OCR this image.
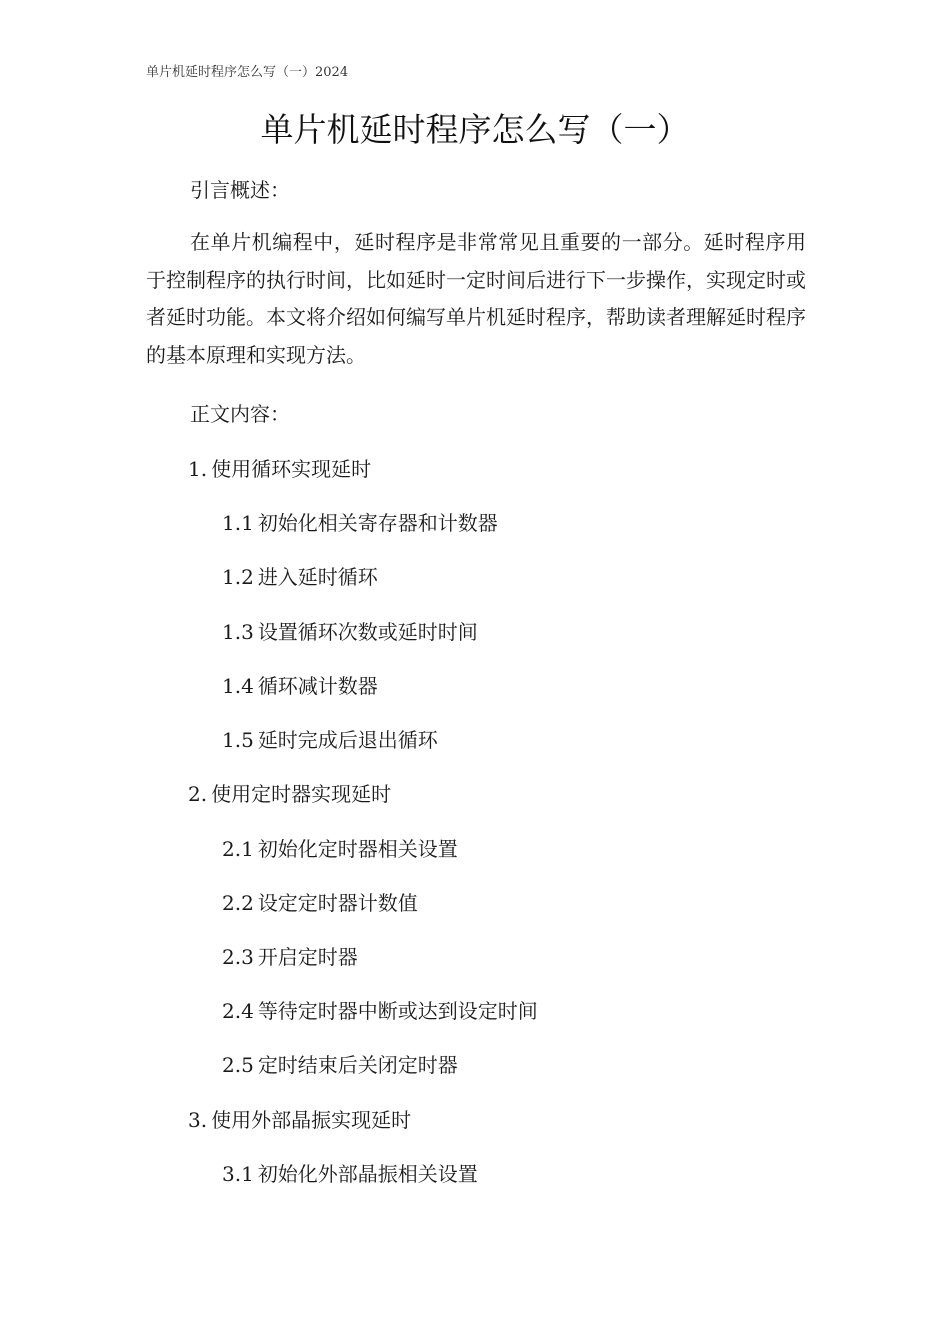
单片机延时程序怎么写（一）2024
单片机延时程序怎么写（一）
引言概述：
在单片机编程中，延时程序是非常常见且重要的一部分。延时程序用于控制程序的执行时间，比如延时一定时间后进行下一步操作，实现定时或者延时功能。本文将介绍如何编写单片机延时程序，帮助读者理解延时程序的基本原理和实现方法。
正文内容：
1. 使用循环实现延时
1.1 初始化相关寄存器和计数器
1.2 进入延时循环
1.3 设置循环次数或延时时间
1.4 循环减计数器
1.5 延时完成后退出循环
2. 使用定时器实现延时
2.1 初始化定时器相关设置
2.2 设定定时器计数值
2.3 开启定时器
2.4 等待定时器中断或达到设定时间
2.5 定时结束后关闭定时器
3. 使用外部晶振实现延时
3.1 初始化外部晶振相关设置
